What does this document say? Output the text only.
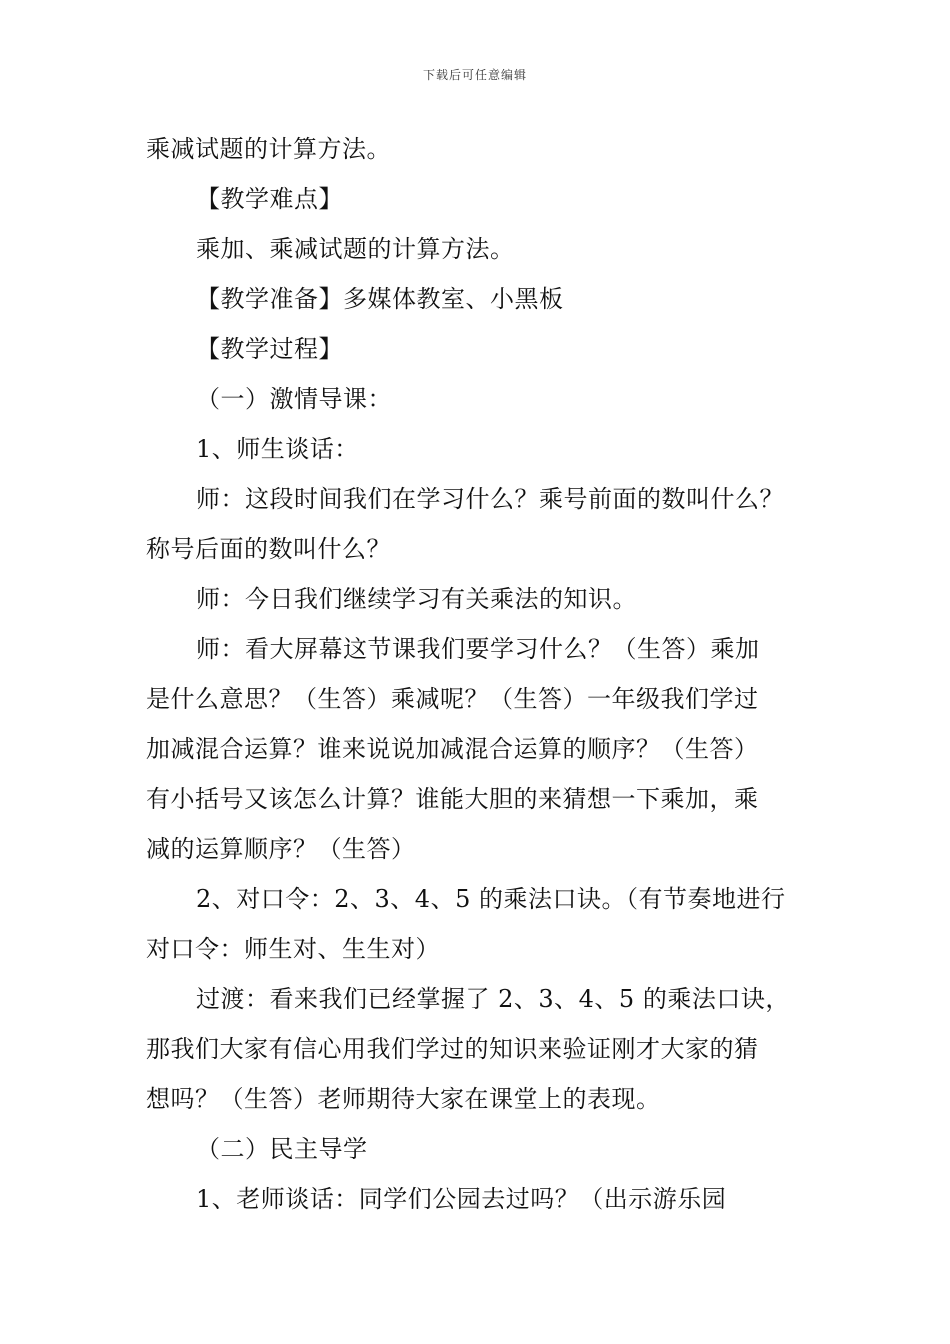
下载后可任意编辑
乘减试题的计算方法。
【教学难点】
乘加、乘减试题的计算方法。
【教学准备】多媒体教室、小黑板
【教学过程】
（一）激情导课：
1、师生谈话：
师：这段时间我们在学习什么？乘号前面的数叫什么？
称号后面的数叫什么？
师：今日我们继续学习有关乘法的知识。
师：看大屏幕这节课我们要学习什么？（生答）乘加
是什么意思？（生答）乘减呢？（生答）一年级我们学过
加减混合运算？谁来说说加减混合运算的顺序？（生答）
有小括号又该怎么计算？谁能大胆的来猜想一下乘加，乘
减的运算顺序？（生答）
2、对口令：2、3、4、5 的乘法口诀。（有节奏地进行
对口令：师生对、生生对）
过渡：看来我们已经掌握了 2、3、4、5 的乘法口诀，
那我们大家有信心用我们学过的知识来验证刚才大家的猜
想吗？（生答）老师期待大家在课堂上的表现。
（二）民主导学
1、老师谈话：同学们公园去过吗？（出示游乐园
